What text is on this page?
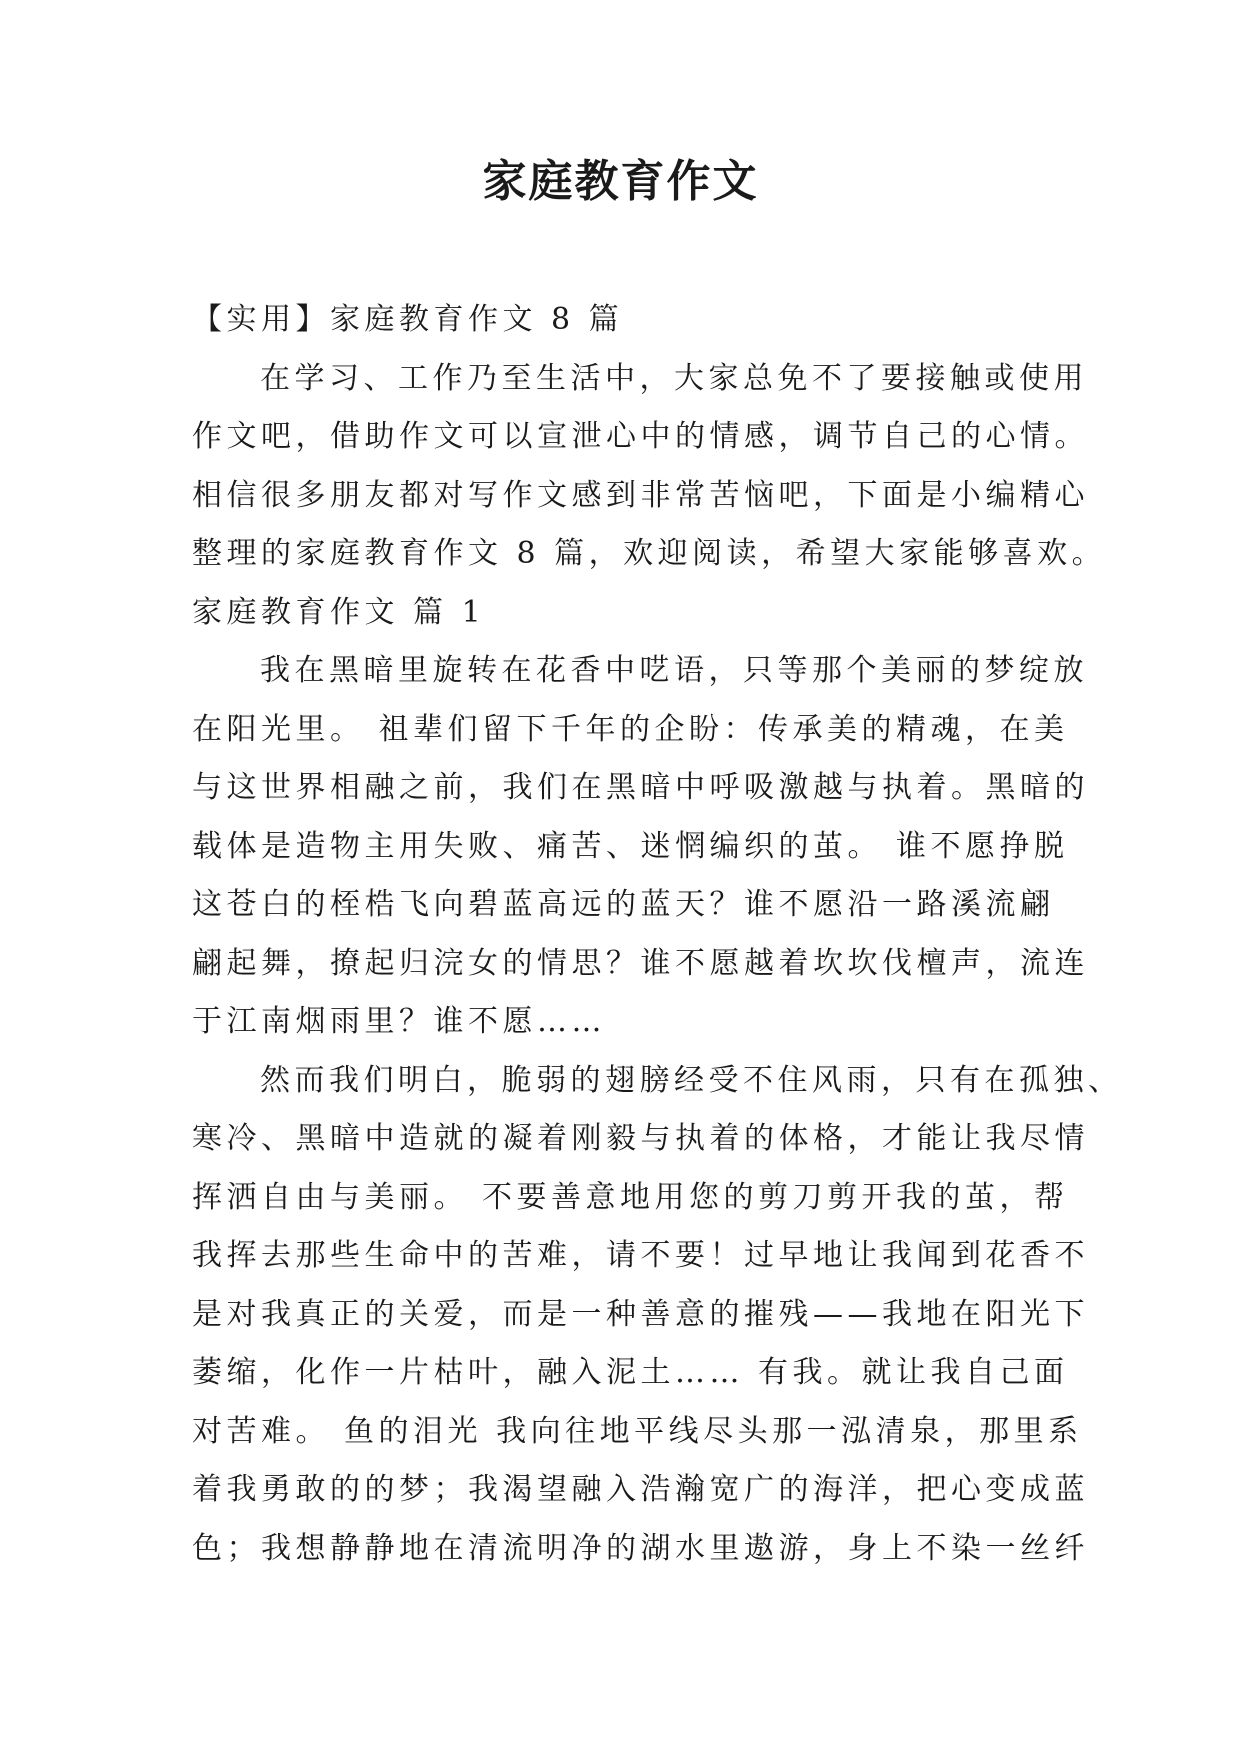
家庭教育作文
【实用】家庭教育作文 8 篇
在学习、工作乃至生活中，大家总免不了要接触或使用
作文吧，借助作文可以宣泄心中的情感，调节自己的心情。
相信很多朋友都对写作文感到非常苦恼吧，下面是小编精心
整理的家庭教育作文 8 篇，欢迎阅读，希望大家能够喜欢。
家庭教育作文 篇 1
我在黑暗里旋转在花香中呓语，只等那个美丽的梦绽放
在阳光里。 祖辈们留下千年的企盼：传承美的精魂，在美
与这世界相融之前，我们在黑暗中呼吸激越与执着。黑暗的
载体是造物主用失败、痛苦、迷惘编织的茧。 谁不愿挣脱
这苍白的桎梏飞向碧蓝高远的蓝天？谁不愿沿一路溪流翩
翩起舞，撩起归浣女的情思？谁不愿越着坎坎伐檀声，流连
于江南烟雨里？谁不愿……
然而我们明白，脆弱的翅膀经受不住风雨，只有在孤独、
寒冷、黑暗中造就的凝着刚毅与执着的体格，才能让我尽情
挥洒自由与美丽。 不要善意地用您的剪刀剪开我的茧，帮
我挥去那些生命中的苦难，请不要！过早地让我闻到花香不
是对我真正的关爱，而是一种善意的摧残——我地在阳光下
萎缩，化作一片枯叶，融入泥土…… 有我。就让我自己面
对苦难。 鱼的泪光 我向往地平线尽头那一泓清泉，那里系
着我勇敢的的梦；我渴望融入浩瀚宽广的海洋，把心变成蓝
色；我想静静地在清流明净的湖水里遨游，身上不染一丝纤
